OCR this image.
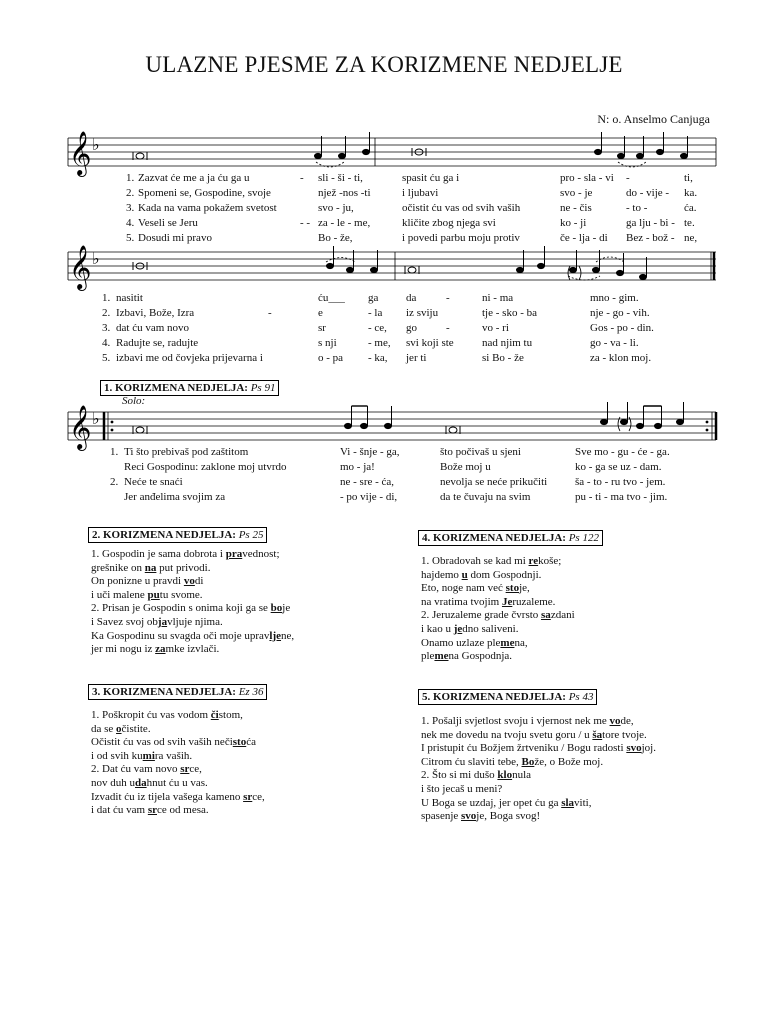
ULAZNE PJESME ZA KORIZMENE NEDJELJE
N: o. Anselmo Canjuga
𝄞 ♭
𝄞 ♭
𝄞 ♭
1. Zazvat će me a ja ću ga u	- sli - ši - ti,	spasit ću ga i	pro - sla - vi -	ti,
2. Spomeni se, Gospodine, svoje	njež -nos -ti	i ljubavi	svo - je	do - vije - ka.
3. Kada na vama pokažem svetost	svo - ju,	očistit ću vas od svih vaših	ne - čis	- to -	ća.
4. Veseli se Jeru	- - za - le - me,	kličite zbog njega svi	ko - ji	ga lju - bi - te.
5. Dosudi mi pravo	Bo - že,	i povedi parbu moju protiv	če - lja - di Bez - bož - ne,
1. nasitit	ću___ ga	da	-	ni - ma	mno - gim.
2. Izbavi, Bože, Izra	-	e	- la iz sviju	tje - sko - ba	nje - go - vih.
3. dat ću vam novo	sr	- ce, go	-	vo - ri	Gos - po - din.
4. Radujte se, radujte	s nji	- me, svi koji ste	nad njim tu	go - va - li.
5. izbavi me od čovjeka prijevarna i	o - pa - ka, jer ti	si Bo - že	za - klon moj.
1. KORIZMENA NEDJELJA: Ps 91
Solo:
1. Ti što prebivaš pod zaštitom	Vi - šnje - ga,	što počivaš u sjeni	Sve mo - gu - će - ga.
Reci Gospodinu: zaklone moj utvrdo	mo - ja!	Bože moj u	ko - ga se uz - dam.
2. Neće te snaći	ne - sre - ća,	nevolja se neće prikučiti	ša - to - ru tvo - jem.
Jer anđelima svojim za	- po vije - di,	da te čuvaju na svim	pu - ti - ma tvo - jim.
2. KORIZMENA NEDJELJA: Ps 25
1. Gospodin je sama dobrota i pravednost;
grešnike on na put privodi.
On ponizne u pravdi vodi
i uči malene putu svome.
2. Prisan je Gospodin s onima koji ga se boje
i Savez svoj objavljuje njima.
Ka Gospodinu su svagda oči moje upravljene,
jer mi nogu iz zamke izvlači.
3. KORIZMENA NEDJELJA: Ez 36
1. Poškropit ću vas vodom čistom,
da se očistite.
Očistit ću vas od svih vaših nečistoća
i od svih kumira vaših.
2. Dat ću vam novo srce,
nov duh udahnut ću u vas.
Izvadit ću iz tijela vašega kameno srce,
i dat ću vam srce od mesa.
4. KORIZMENA NEDJELJA: Ps 122
1. Obradovah se kad mi rekoše;
hajdemo u dom Gospodnji.
Eto, noge nam već stoje,
na vratima tvojim Jeruzaleme.
2. Jeruzaleme grade čvrsto sazdani
i kao u jedno saliveni.
Onamo uzlaze plemena,
plemena Gospodnja.
5. KORIZMENA NEDJELJA: Ps 43
1. Pošalji svjetlost svoju i vjernost nek me vode,
nek me dovedu na tvoju svetu goru / u šatore tvoje.
I pristupit ću Božjem žrtveniku / Bogu radosti svojoj.
Citrom ću slaviti tebe, Bože, o Bože moj.
2. Što si mi dušo klonula
i što jecaš u meni?
U Boga se uzdaj, jer opet ću ga slaviti,
spasenje svoje, Boga svog!
